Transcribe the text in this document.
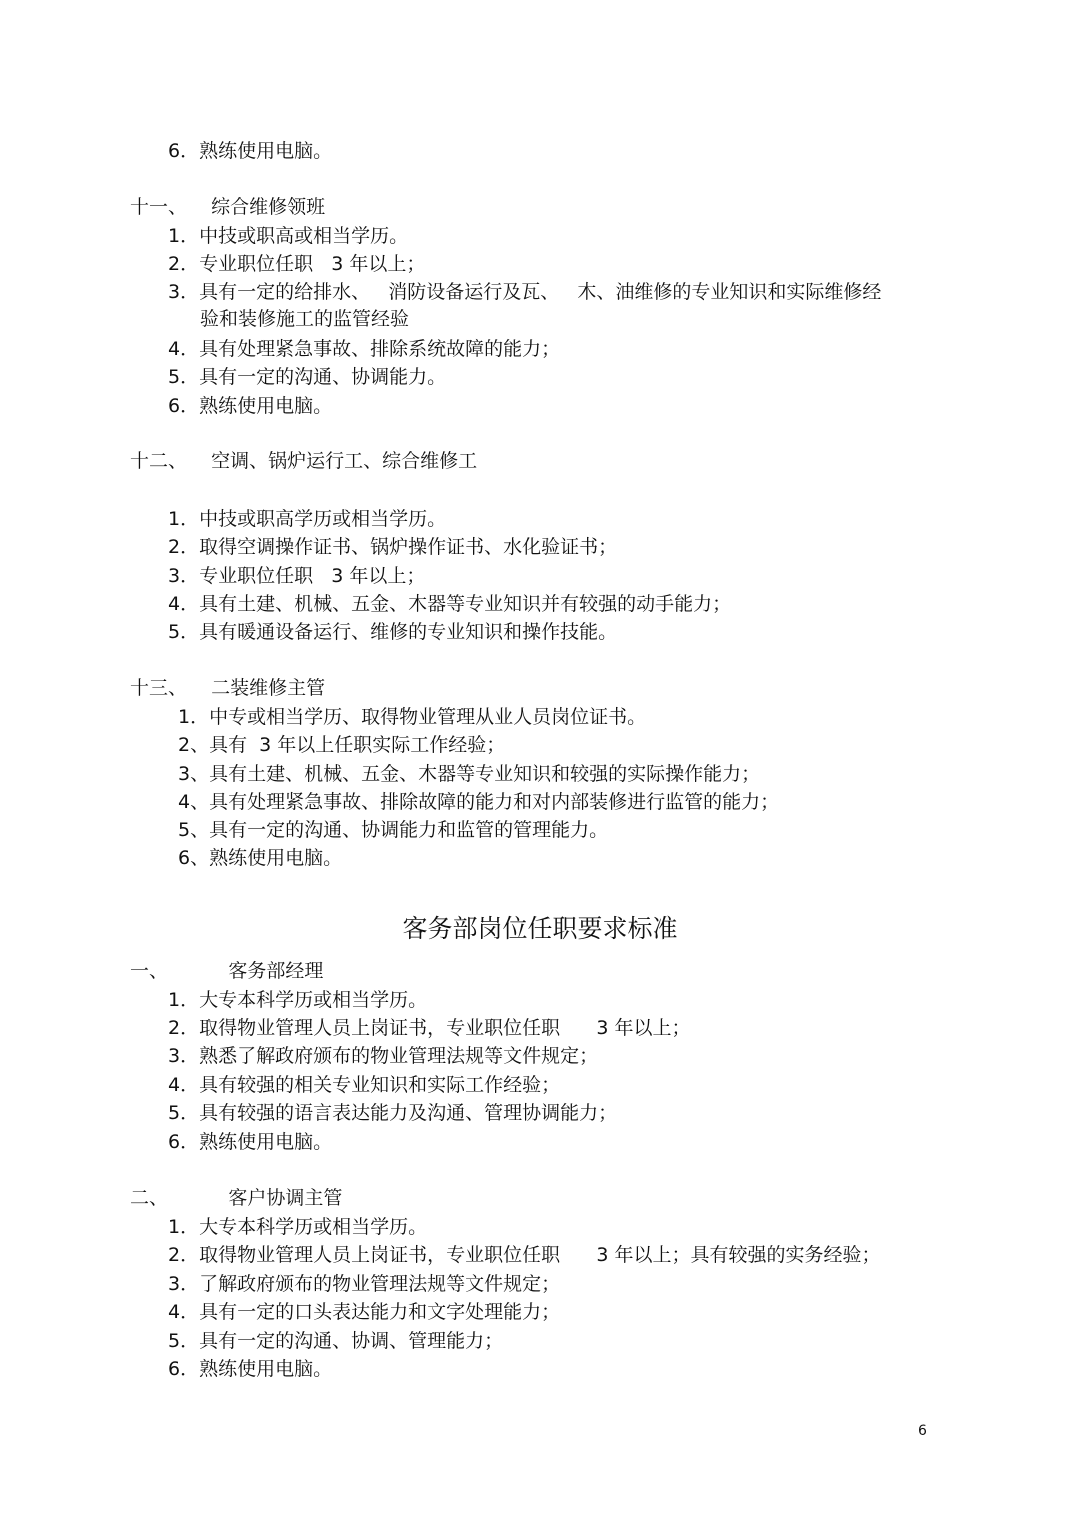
6．熟练使用电脑。
十一、    综合维修领班
1．中技或职高或相当学历。
2．专业职位任职   3 年以上；
3．具有一定的给排水、   消防设备运行及瓦、   木、油维修的专业知识和实际维修经
验和装修施工的监管经验
4．具有处理紧急事故、排除系统故障的能力；
5．具有一定的沟通、协调能力。
6．熟练使用电脑。
十二、    空调、锅炉运行工、综合维修工
1．中技或职高学历或相当学历。
2．取得空调操作证书、锅炉操作证书、水化验证书；
3．专业职位任职   3 年以上；
4．具有土建、机械、五金、木器等专业知识并有较强的动手能力；
5．具有暖通设备运行、维修的专业知识和操作技能。
十三、    二装维修主管
1．中专或相当学历、取得物业管理从业人员岗位证书。
2、具有  3 年以上任职实际工作经验；
3、具有土建、机械、五金、木器等专业知识和较强的实际操作能力；
4、具有处理紧急事故、排除故障的能力和对内部装修进行监管的能力；
5、具有一定的沟通、协调能力和监管的管理能力。
6、熟练使用电脑。
客务部岗位任职要求标准
一、          客务部经理
1．大专本科学历或相当学历。
2．取得物业管理人员上岗证书，专业职位任职      3 年以上；
3．熟悉了解政府颁布的物业管理法规等文件规定；
4．具有较强的相关专业知识和实际工作经验；
5．具有较强的语言表达能力及沟通、管理协调能力；
6．熟练使用电脑。
二、          客户协调主管
1．大专本科学历或相当学历。
2．取得物业管理人员上岗证书，专业职位任职      3 年以上；具有较强的实务经验；
3．了解政府颁布的物业管理法规等文件规定；
4．具有一定的口头表达能力和文字处理能力；
5．具有一定的沟通、协调、管理能力；
6．熟练使用电脑。
6
